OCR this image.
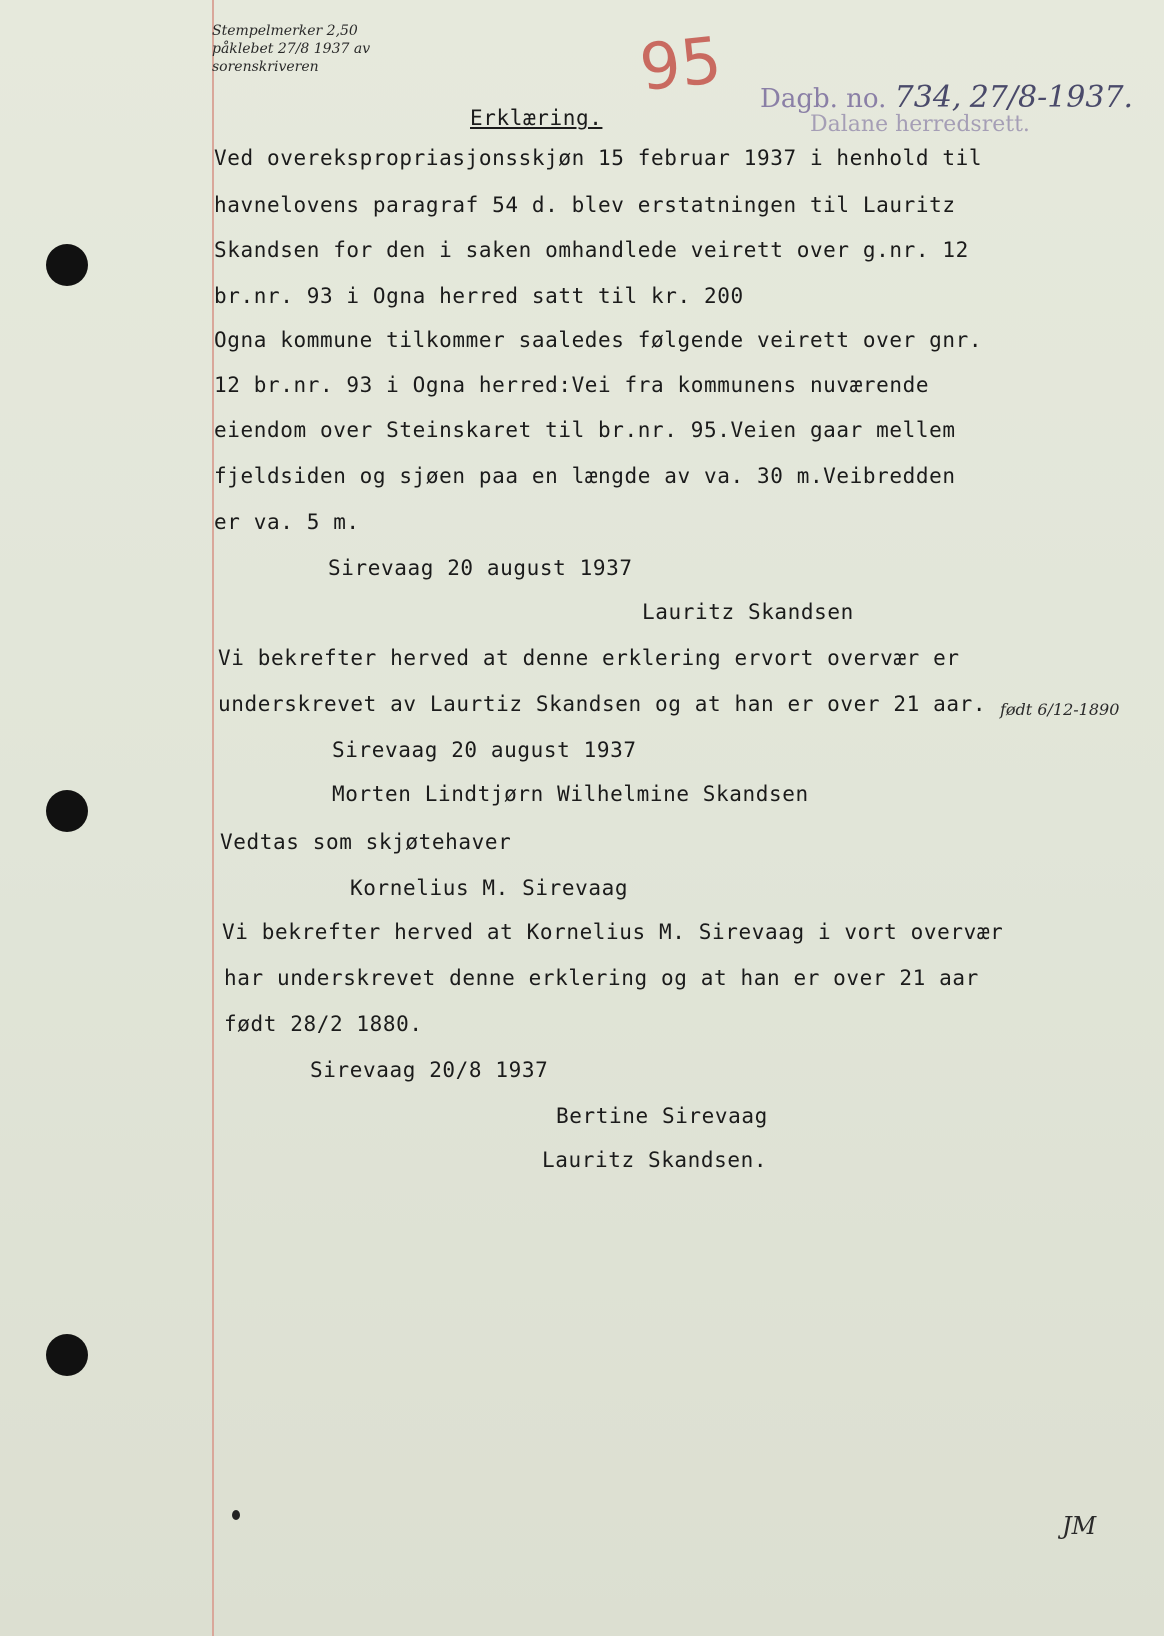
Stempelmerker 2,50
påklebet 27/8 1937 av
sorenskriveren	95 Dagb. no. 734, 27/8-1937.
Dalane herredsrett.
Erklæring.
Ved overekspropriasjonsskjøn 15 februar 1937 i henhold til
havnelovens paragraf 54 d. blev erstatningen til Lauritz
Skandsen for den i saken omhandlede veirett over g.nr. 12
br.nr. 93 i Ogna herred satt til kr. 200
Ogna kommune tilkommer saaledes følgende veirett over gnr.
12 br.nr. 93 i Ogna herred:Vei fra kommunens nuværende
eiendom over Steinskaret til br.nr. 95.Veien gaar mellem
fjeldsiden og sjøen paa en længde av va. 30 m.Veibredden
er va. 5 m.
Sirevaag 20 august 1937
Lauritz Skandsen
Vi bekrefter herved at denne erklering ervort overvær er
underskrevet av Laurtiz Skandsen og at han er over 21 aar. født 6/12-1890
Sirevaag 20 august 1937
Morten Lindtjørn Wilhelmine Skandsen
Vedtas som skjøtehaver
Kornelius M. Sirevaag
Vi bekrefter herved at Kornelius M. Sirevaag i vort overvær
har underskrevet denne erklering og at han er over 21 aar
født 28/2 1880.
Sirevaag 20/8 1937
Bertine Sirevaag
Lauritz Skandsen.
JM
